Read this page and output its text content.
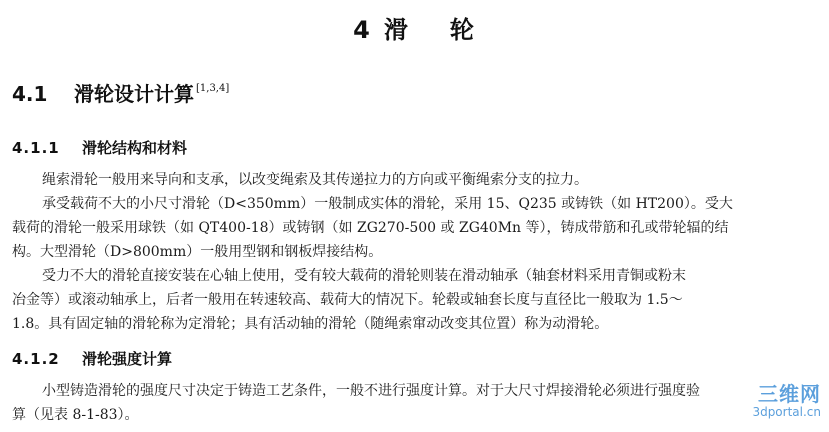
4 滑 轮
4.1 滑轮设计计算 [1,3,4]
4.1.1 滑轮结构和材料
绳索滑轮一般用来导向和支承，以改变绳索及其传递拉力的方向或平衡绳索分支的拉力。
承受载荷不大的小尺寸滑轮（D<350mm）一般制成实体的滑轮，采用 15、Q235 或铸铁（如 HT200）。受大
载荷的滑轮一般采用球铁（如 QT400-18）或铸钢（如 ZG270-500 或 ZG40Mn 等），铸成带筋和孔或带轮辐的结
构。大型滑轮（D>800mm）一般用型钢和钢板焊接结构。
受力不大的滑轮直接安装在心轴上使用，受有较大载荷的滑轮则装在滑动轴承（轴套材料采用青铜或粉末
冶金等）或滚动轴承上，后者一般用在转速较高、载荷大的情况下。轮毂或轴套长度与直径比一般取为 1.5～
1.8。具有固定轴的滑轮称为定滑轮；具有活动轴的滑轮（随绳索窜动改变其位置）称为动滑轮。
4.1.2 滑轮强度计算
小型铸造滑轮的强度尺寸决定于铸造工艺条件，一般不进行强度计算。对于大尺寸焊接滑轮必须进行强度验
算（见表 8-1-83）。
三维网
3dportal.cn
